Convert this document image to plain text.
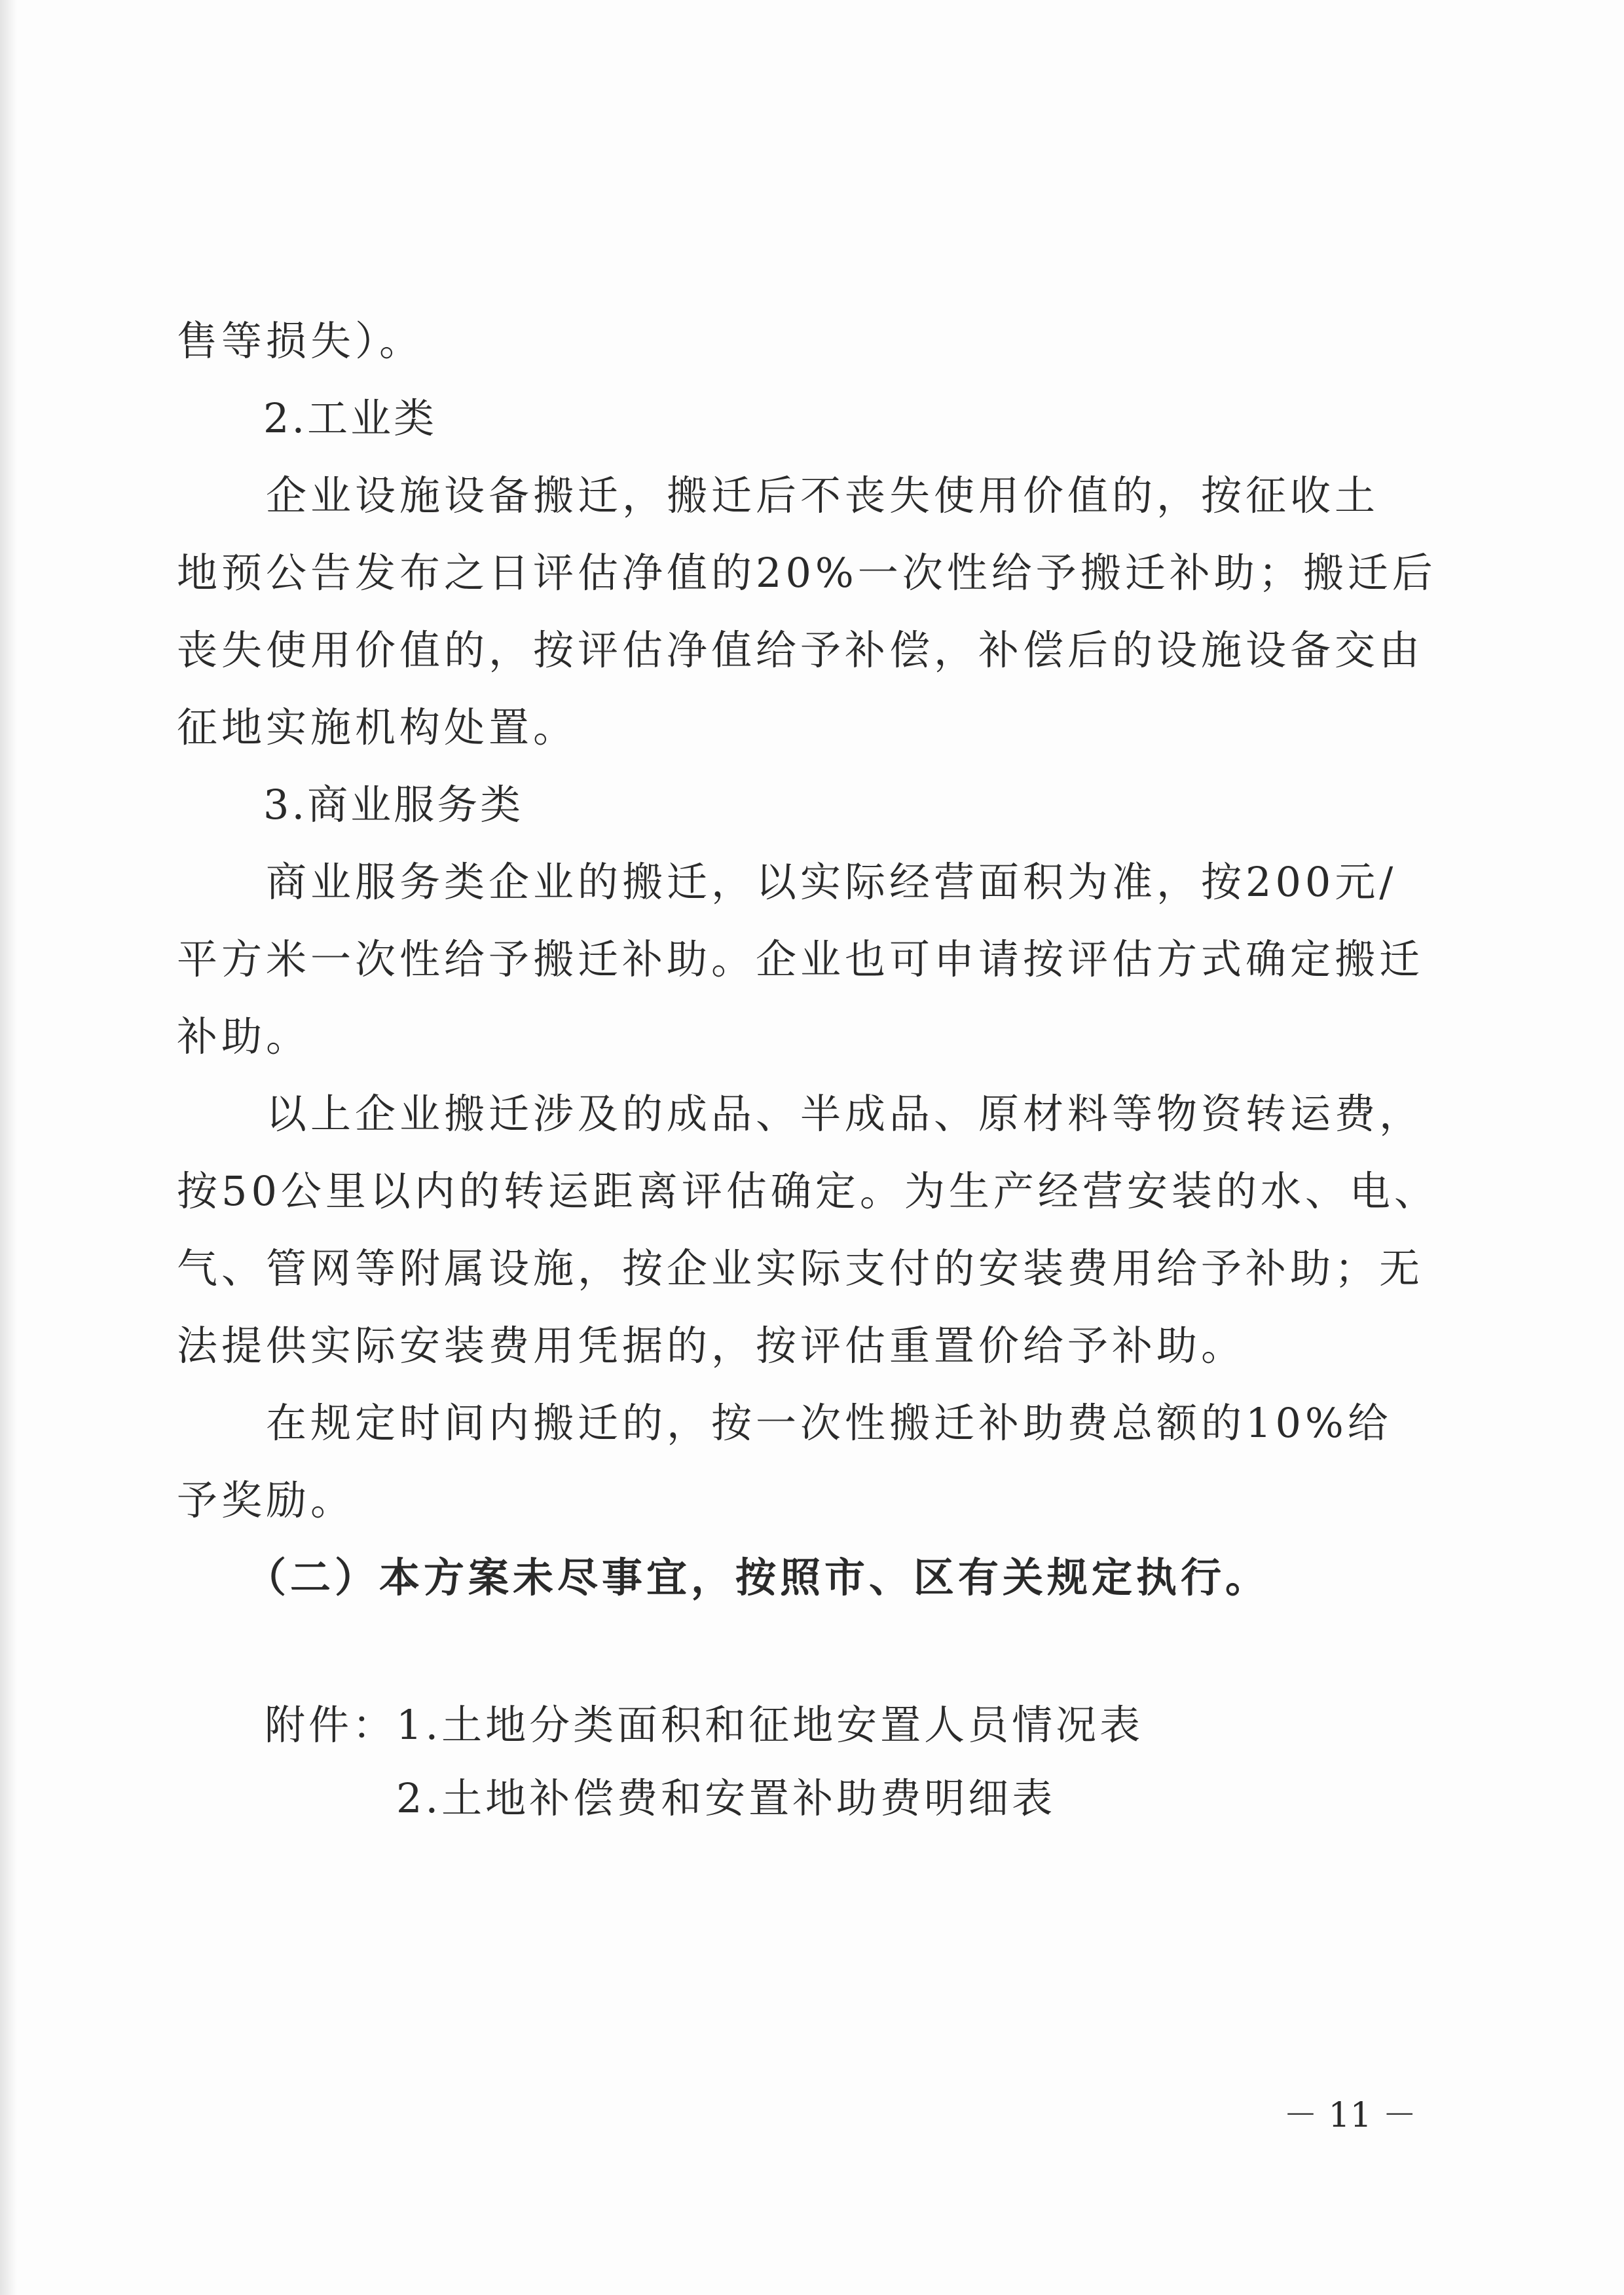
售等损失）。
　　2.工业类
　　企业设施设备搬迁，搬迁后不丧失使用价值的，按征收土
地预公告发布之日评估净值的20%一次性给予搬迁补助；搬迁后
丧失使用价值的，按评估净值给予补偿，补偿后的设施设备交由
征地实施机构处置。
　　3.商业服务类
　　商业服务类企业的搬迁，以实际经营面积为准，按200元/
平方米一次性给予搬迁补助。企业也可申请按评估方式确定搬迁
补助。
　　以上企业搬迁涉及的成品、半成品、原材料等物资转运费，
按50公里以内的转运距离评估确定。为生产经营安装的水、电、
气、管网等附属设施，按企业实际支付的安装费用给予补助；无
法提供实际安装费用凭据的，按评估重置价给予补助。
　　在规定时间内搬迁的，按一次性搬迁补助费总额的10%给
予奖励。
　　（二）本方案未尽事宜，按照市、区有关规定执行。
　　附件：1.土地分类面积和征地安置人员情况表
　　　　　2.土地补偿费和安置补助费明细表
－ 11 －
